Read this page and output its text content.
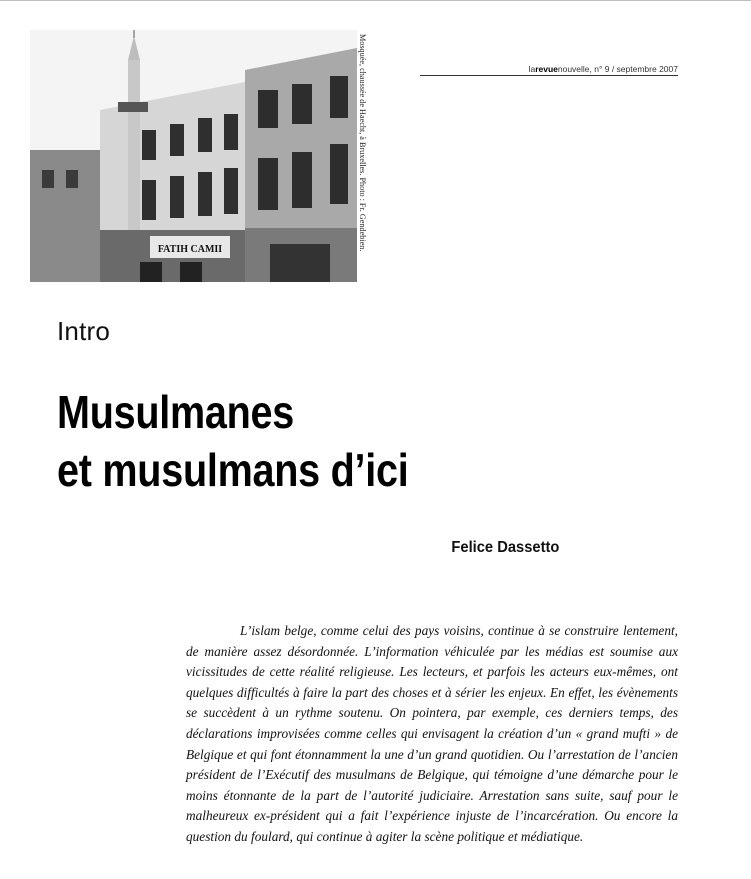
FATIH CAMII	Mosquée, chaussée de Haecht, à Bruxelles. Photo : Fr. Gendebien.	larevuenouvelle, n° 9 / septembre 2007
Intro
Musulmanes
et musulmans d’ici
Felice Dassetto

L’islam belge, comme celui des pays voisins, continue à se construire lentement, de manière assez désordonnée. L’information véhiculée par les médias est soumise aux vicissitudes de cette réalité religieuse. Les lecteurs, et parfois les acteurs eux-mêmes, ont quelques difficultés à faire la part des choses et à sérier les enjeux. En effet, les évènements se succèdent à un rythme soutenu. On pointera, par exemple, ces derniers temps, des déclarations improvisées comme celles qui envisagent la création d’un « grand mufti » de Belgique et qui font étonnamment la une d’un grand quotidien. Ou l’arrestation de l’ancien président de l’Exécutif des musulmans de Belgique, qui témoigne d’une démarche pour le moins étonnante de la part de l’autorité judiciaire. Arrestation sans suite, sauf pour le malheureux ex-président qui a fait l’expérience injuste de l’incarcération. Ou encore la question du foulard, qui continue à agiter la scène politique et médiatique.
